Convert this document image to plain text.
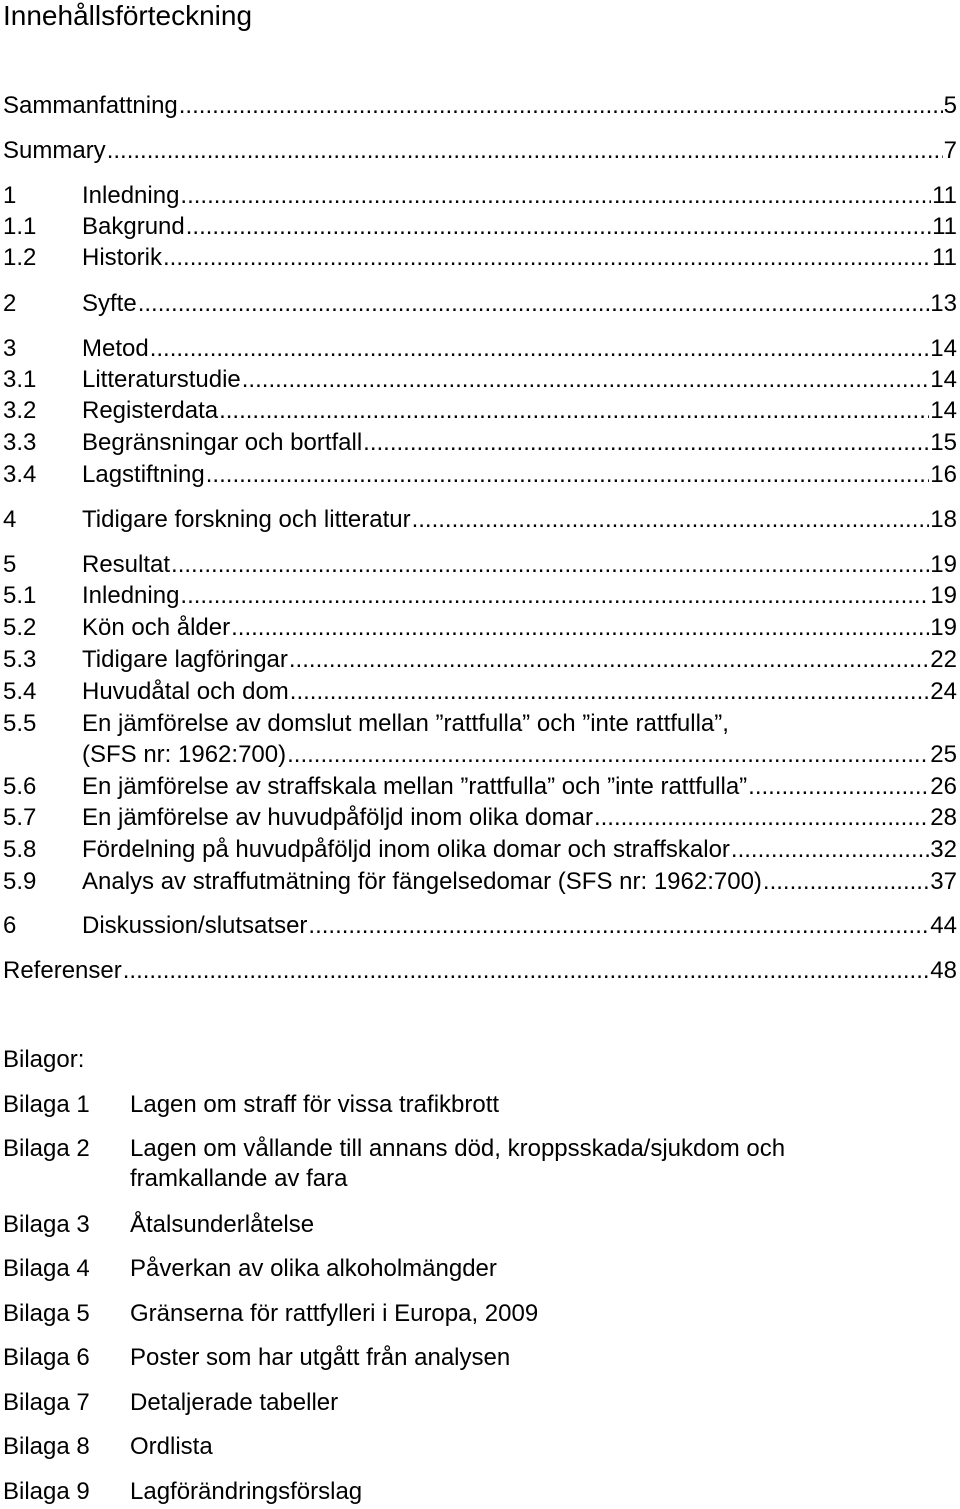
Innehållsförteckning
Sammanfattning .....	5
Summary .....	7
1	Inledning .....	11
1.1 Bakgrund .....	11
1.2 Historik .....	11
2	Syfte .....	13
3	Metod .....	14
3.1 Litteraturstudie .....	14
3.2 Registerdata .....	14
3.3 Begränsningar och bortfall .....	15
3.4 Lagstiftning .....	16
4	Tidigare forskning och litteratur .....	18
5	Resultat .....	19
5.1 Inledning .....	19
5.2 Kön och ålder .....	19
5.3 Tidigare lagföringar .....	22
5.4 Huvudåtal och dom .....	24
5.5 En jämförelse av domslut mellan ”rattfulla” och ”inte rattfulla”,
(SFS nr: 1962:700) .....	25
5.6 En jämförelse av straffskala mellan ”rattfulla” och ”inte rattfulla” .....	26
5.7 En jämförelse av huvudpåföljd inom olika domar .....	28
5.8 Fördelning på huvudpåföljd inom olika domar och straffskalor .....	32
5.9 Analys av straffutmätning för fängelsedomar (SFS nr: 1962:700) .....	37
6	Diskussion/slutsatser .....	44
Referenser .....	48
Bilagor:
Bilaga 1 Lagen om straff för vissa trafikbrott
Bilaga 2 Lagen om vållande till annans död, kroppsskada/sjukdom och framkallande av fara
Bilaga 3 Åtalsunderlåtelse
Bilaga 4 Påverkan av olika alkoholmängder
Bilaga 5 Gränserna för rattfylleri i Europa, 2009
Bilaga 6 Poster som har utgått från analysen
Bilaga 7 Detaljerade tabeller
Bilaga 8 Ordlista
Bilaga 9 Lagförändringsförslag
